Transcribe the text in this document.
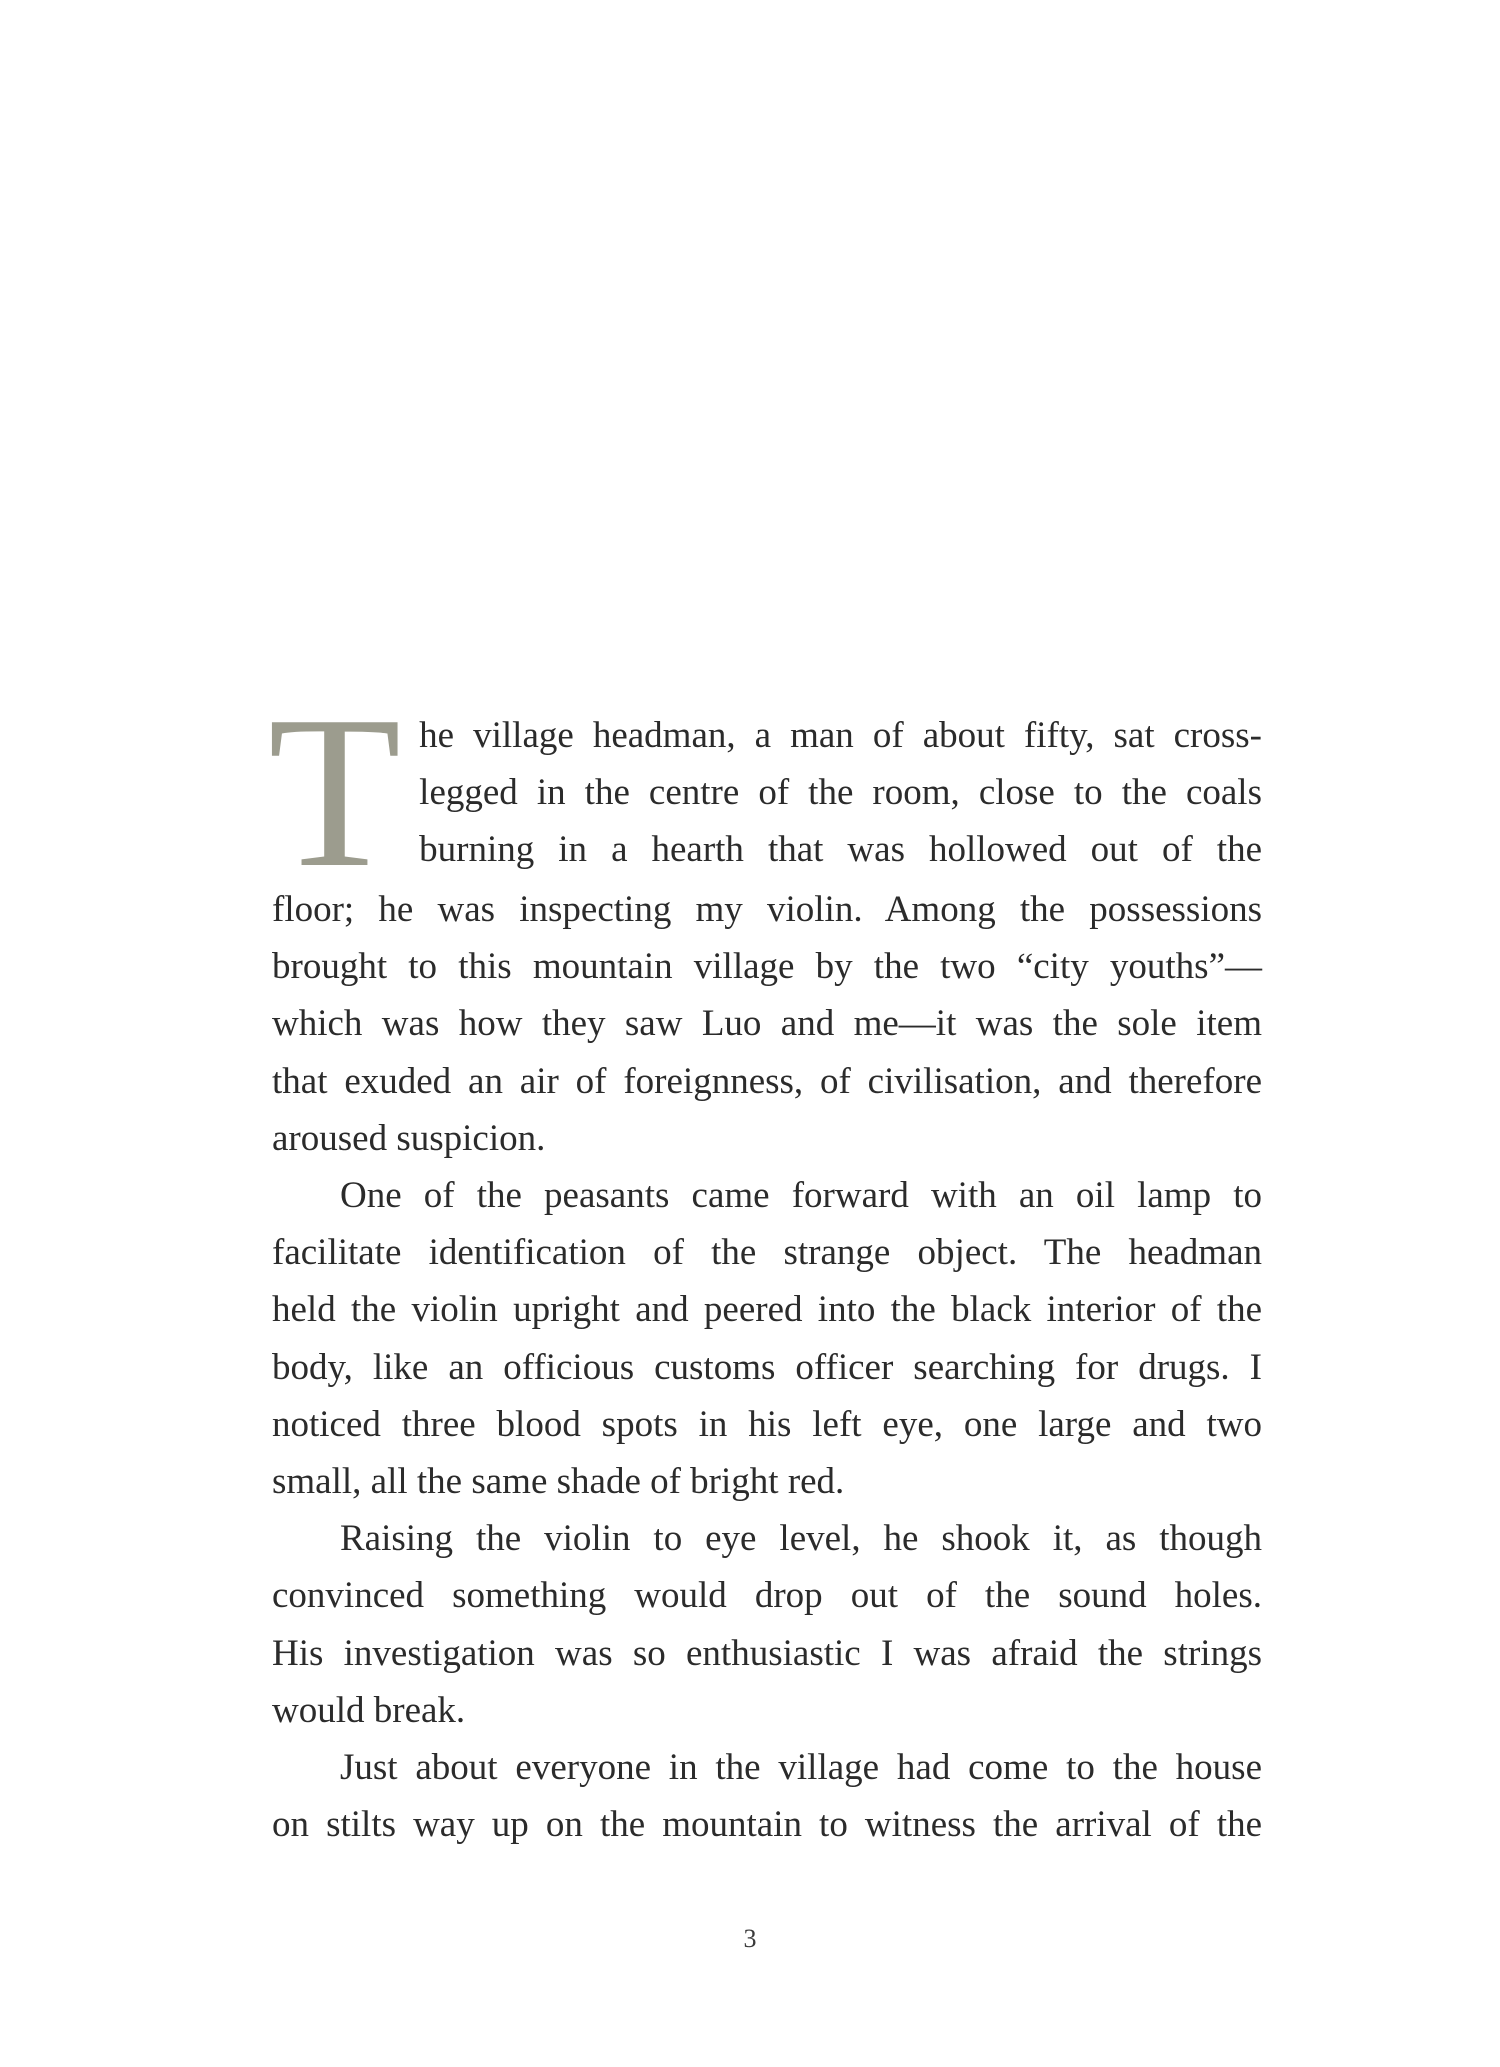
T he village headman, a man of about fifty, sat cross-
legged in the centre of the room, close to the coals
burning in a hearth that was hollowed out of the
floor; he was inspecting my violin. Among the possessions
brought to this mountain village by the two “city youths”—
which was how they saw Luo and me—it was the sole item
that exuded an air of foreignness, of civilisation, and therefore
aroused suspicion.
One of the peasants came forward with an oil lamp to
facilitate identification of the strange object. The headman
held the violin upright and peered into the black interior of the
body, like an officious customs officer searching for drugs. I
noticed three blood spots in his left eye, one large and two
small, all the same shade of bright red.
Raising the violin to eye level, he shook it, as though
convinced something would drop out of the sound holes.
His investigation was so enthusiastic I was afraid the strings
would break.
Just about everyone in the village had come to the house
on stilts way up on the mountain to witness the arrival of the
3
